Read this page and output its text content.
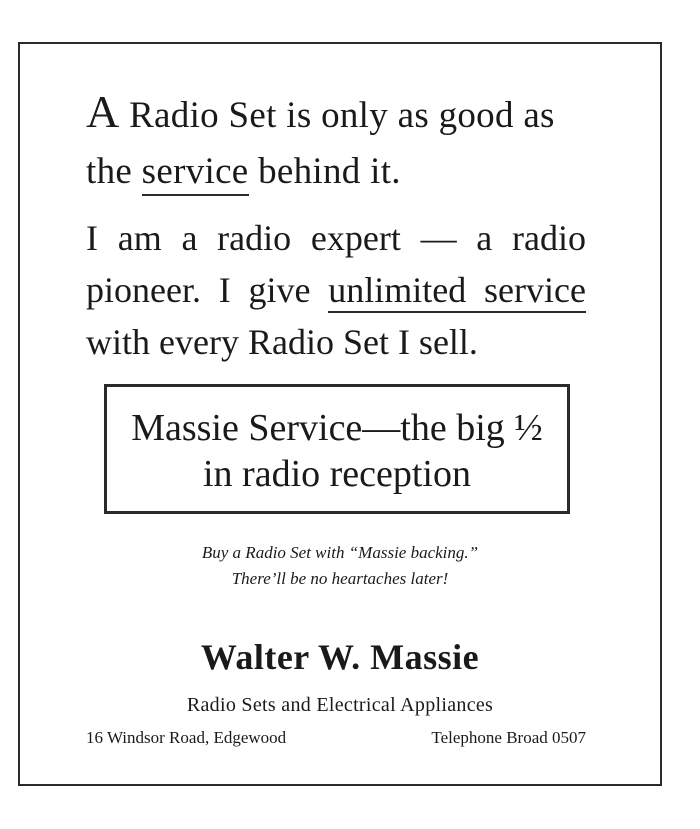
A Radio Set is only as good as
the service behind it.

I am a radio expert — a radio pioneer. I give unlimited service with every Radio Set I sell.

Massie Service—the big ½
in radio reception

Buy a Radio Set with “Massie backing.”
There’ll be no heartaches later!

Walter W. Massie

Radio Sets and Electrical Appliances

16 Windsor Road, Edgewood	Telephone Broad 0507
